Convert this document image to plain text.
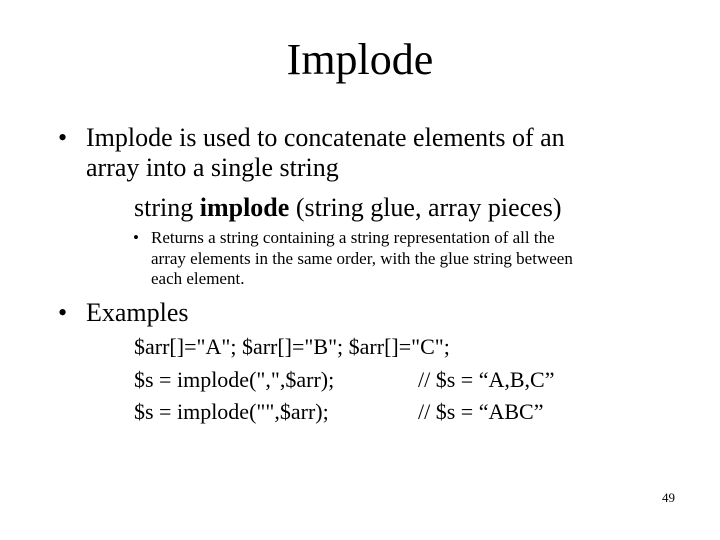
Implode
• Implode is used to concatenate elements of an
array into a single string
string implode (string glue, array pieces)
• Returns a string containing a string representation of all the
array elements in the same order, with the glue string between
each element.
• Examples
$arr[]="A"; $arr[]="B"; $arr[]="C";
$s = implode(",",$arr);	// $s = “A,B,C”
$s = implode("",$arr);	// $s = “ABC”
49
